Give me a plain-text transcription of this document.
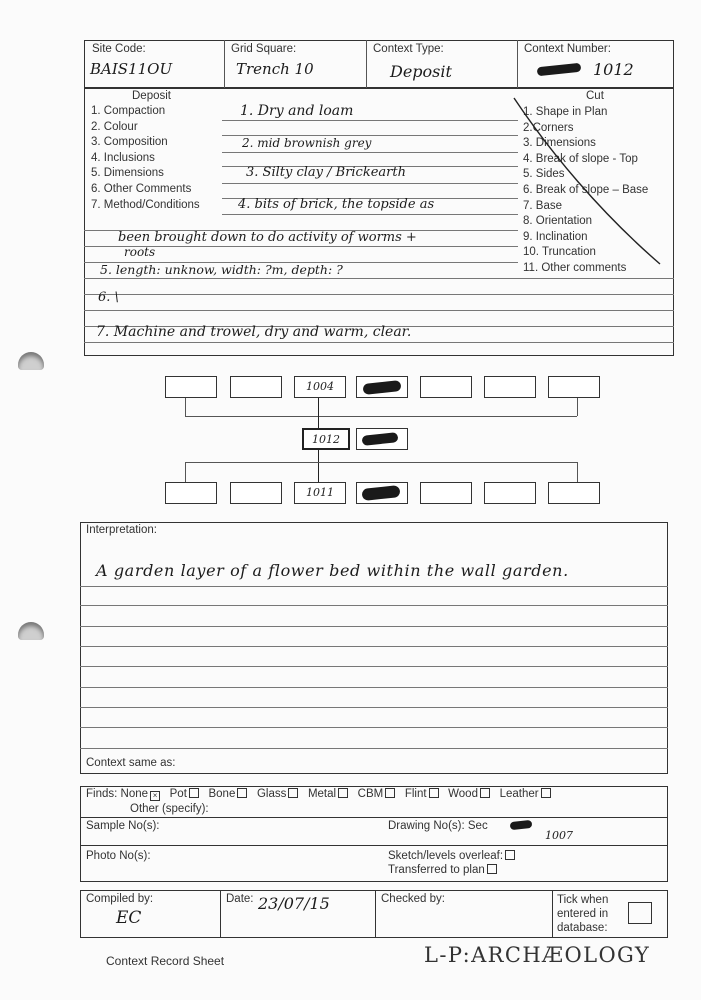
Site Code:
BAIS11OU
Grid Square:
Trench 10
Context Type:
Deposit
Context Number:
1012
Deposit
1. Compaction
2. Colour
3. Composition
4. Inclusions
5. Dimensions
6. Other Comments
7. Method/Conditions
Cut
1. Shape in Plan
2.Corners
3. Dimensions
4. Break of slope - Top
5. Sides
6. Break of slope – Base
7. Base
8. Orientation
9. Inclination
10. Truncation
11. Other comments
1. Dry and loam
2. mid brownish grey
3. Silty clay / Brickearth
4. bits of brick, the topside as
been brought down to do activity of worms +
roots
5. length: unknow, width: ?m, depth: ?
6. \
7. Machine and trowel, dry and warm, clear.
1004
1012
1011
Interpretation:
A garden layer of a flower bed within the wall garden.
Context same as:
Finds: None × Pot Bone Glass Metal CBM Flint Wood Leather
Other (specify):
Sample No(s):	Drawing No(s): Sec
1007
Photo No(s):	Sketch/levels overleaf:
Transferred to plan
Compiled by:
EC
Date: 23/07/15	Checked by:	Tick when
entered in
database:
Context Record Sheet	L-P:ARCHÆOLOGY
